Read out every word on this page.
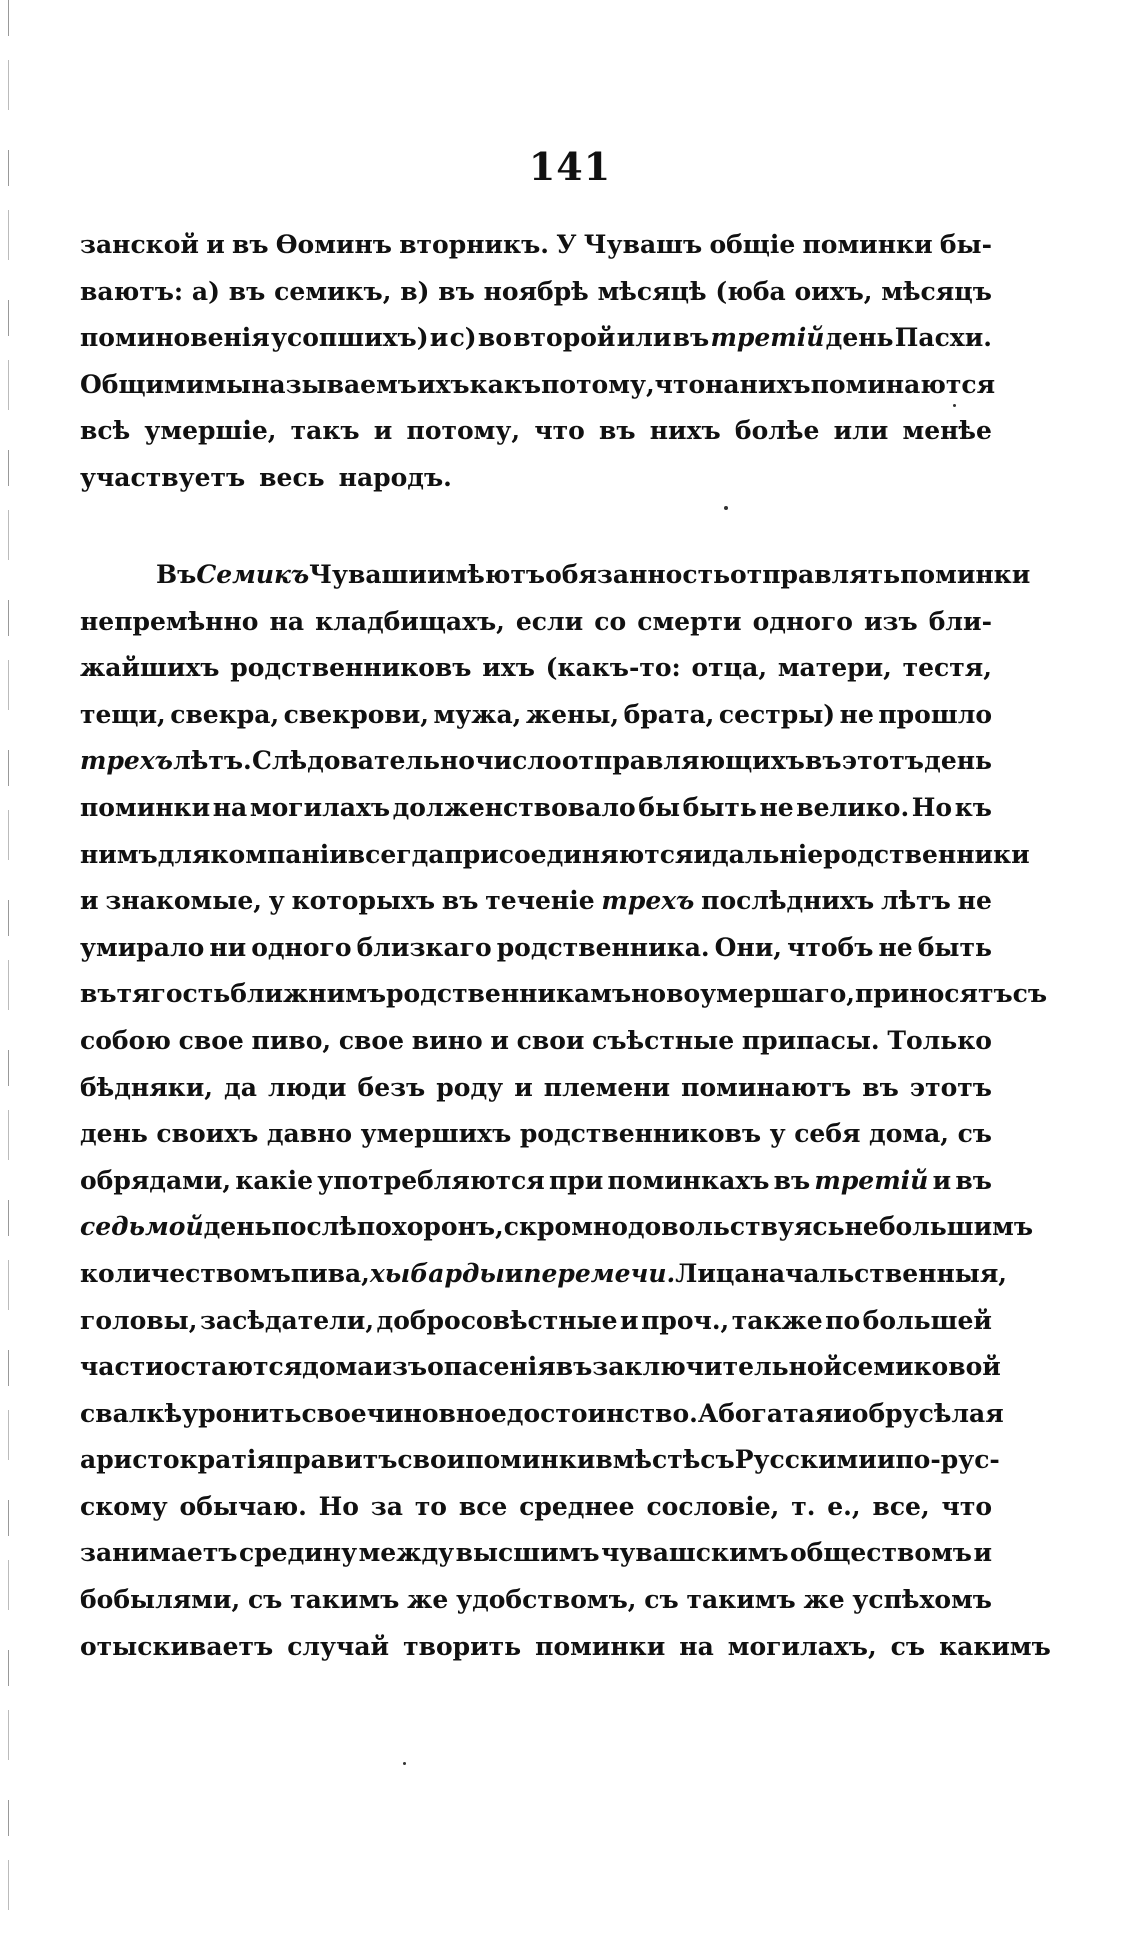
141
занской и въ Ѳоминъ вторникъ. У Чувашъ общіе поминки бы-
ваютъ: а) въ семикъ, в) въ ноябрѣ мѣсяцѣ (юба оихъ, мѣсяцъ
поминовенія усопшихъ) и с) во второй или въ третій день Пасхи.
Общими мы называемъ ихъ какъ потому, что на нихъ поминаются
всѣ умершіе, такъ и потому, что въ нихъ болѣе или менѣе
участвуетъ весь народъ.
Въ Семикъ Чуваши имѣютъ обязанность отправлять поминки
непремѣнно на кладбищахъ, если со смерти одного изъ бли-
жайшихъ родственниковъ ихъ (какъ-то: отца, матери, тестя,
тещи, свекра, свекрови, мужа, жены, брата, сестры) не прошло
трехъ лѣтъ. Слѣдовательно число отправляющихъ въ этотъ день
поминки на могилахъ долженствовало бы быть не велико. Но къ
нимъ для компаніи всегда присоединяются и дальніе родственники
и знакомые, у которыхъ въ теченіе трехъ послѣднихъ лѣтъ не
умирало ни одного близкаго родственника. Они, чтобъ не быть
въ тягость ближнимъ родственникамъ новоумершаго, приносятъ съ
собою свое пиво, свое вино и свои съѣстные припасы. Только
бѣдняки, да люди безъ роду и племени поминаютъ въ этотъ
день своихъ давно умершихъ родственниковъ у себя дома, съ
обрядами, какіе употребляются при поминкахъ въ третій и въ
седьмой день послѣ похоронъ, скромно довольствуясь небольшимъ
количествомъ пива, хыбарды и перемечи. Лица начальственныя,
головы, засѣдатели, добросовѣстные и проч., также по большей
части остаются дома изъ опасенія въ заключительной семиковой
свалкѣ уронить свое чиновное достоинство. А богатая и обрусѣлая
аристократія правитъ свои поминки вмѣстѣ съ Русскими и по-рус-
скому обычаю. Но за то все среднее сословіе, т. е., все, что
занимаетъ средину между высшимъ чувашскимъ обществомъ и
бобылями, съ такимъ же удобствомъ, съ такимъ же успѣхомъ
отыскиваетъ случай творить поминки на могилахъ, съ какимъ
